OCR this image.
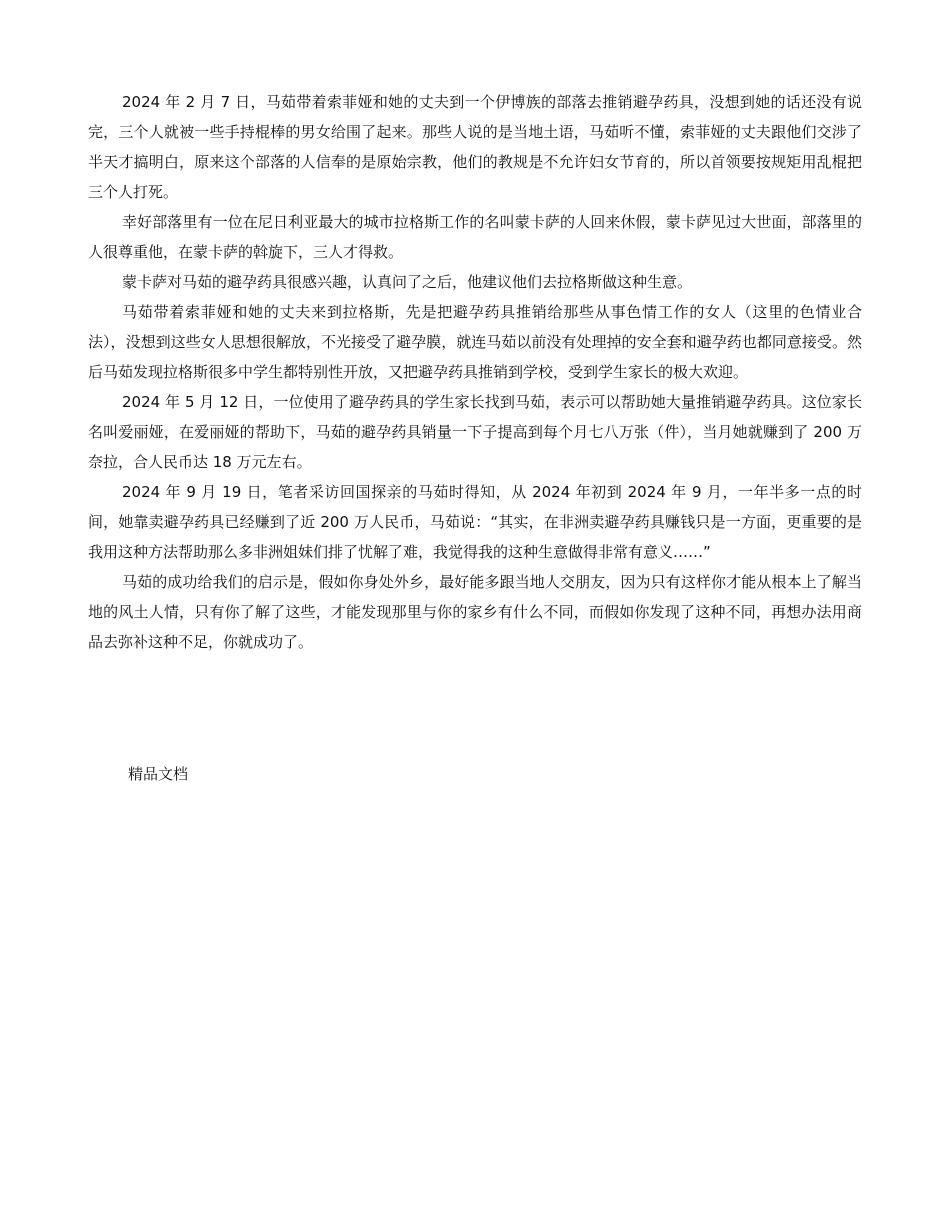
2024 年 2 月 7 日，马茹带着索菲娅和她的丈夫到一个伊博族的部落去推销避孕药具，没想到她的话还没有说完，三个人就被一些手持棍棒的男女给围了起来。那些人说的是当地土语，马茹听不懂，索菲娅的丈夫跟他们交涉了半天才搞明白，原来这个部落的人信奉的是原始宗教，他们的教规是不允许妇女节育的，所以首领要按规矩用乱棍把三个人打死。

幸好部落里有一位在尼日利亚最大的城市拉格斯工作的名叫蒙卡萨的人回来休假，蒙卡萨见过大世面，部落里的人很尊重他，在蒙卡萨的斡旋下，三人才得救。

蒙卡萨对马茹的避孕药具很感兴趣，认真问了之后，他建议他们去拉格斯做这种生意。

马茹带着索菲娅和她的丈夫来到拉格斯，先是把避孕药具推销给那些从事色情工作的女人（这里的色情业合法），没想到这些女人思想很解放，不光接受了避孕膜，就连马茹以前没有处理掉的安全套和避孕药也都同意接受。然后马茹发现拉格斯很多中学生都特别性开放，又把避孕药具推销到学校，受到学生家长的极大欢迎。

2024 年 5 月 12 日，一位使用了避孕药具的学生家长找到马茹，表示可以帮助她大量推销避孕药具。这位家长名叫爱丽娅，在爱丽娅的帮助下，马茹的避孕药具销量一下子提高到每个月七八万张（件），当月她就赚到了 200 万奈拉，合人民币达 18 万元左右。

2024 年 9 月 19 日，笔者采访回国探亲的马茹时得知，从 2024 年初到 2024 年 9 月，一年半多一点的时间，她靠卖避孕药具已经赚到了近 200 万人民币，马茹说：“其实，在非洲卖避孕药具赚钱只是一方面，更重要的是我用这种方法帮助那么多非洲姐妹们排了忧解了难，我觉得我的这种生意做得非常有意义……”

马茹的成功给我们的启示是，假如你身处外乡，最好能多跟当地人交朋友，因为只有这样你才能从根本上了解当地的风土人情，只有你了解了这些，才能发现那里与你的家乡有什么不同，而假如你发现了这种不同，再想办法用商品去弥补这种不足，你就成功了。

精品文档
